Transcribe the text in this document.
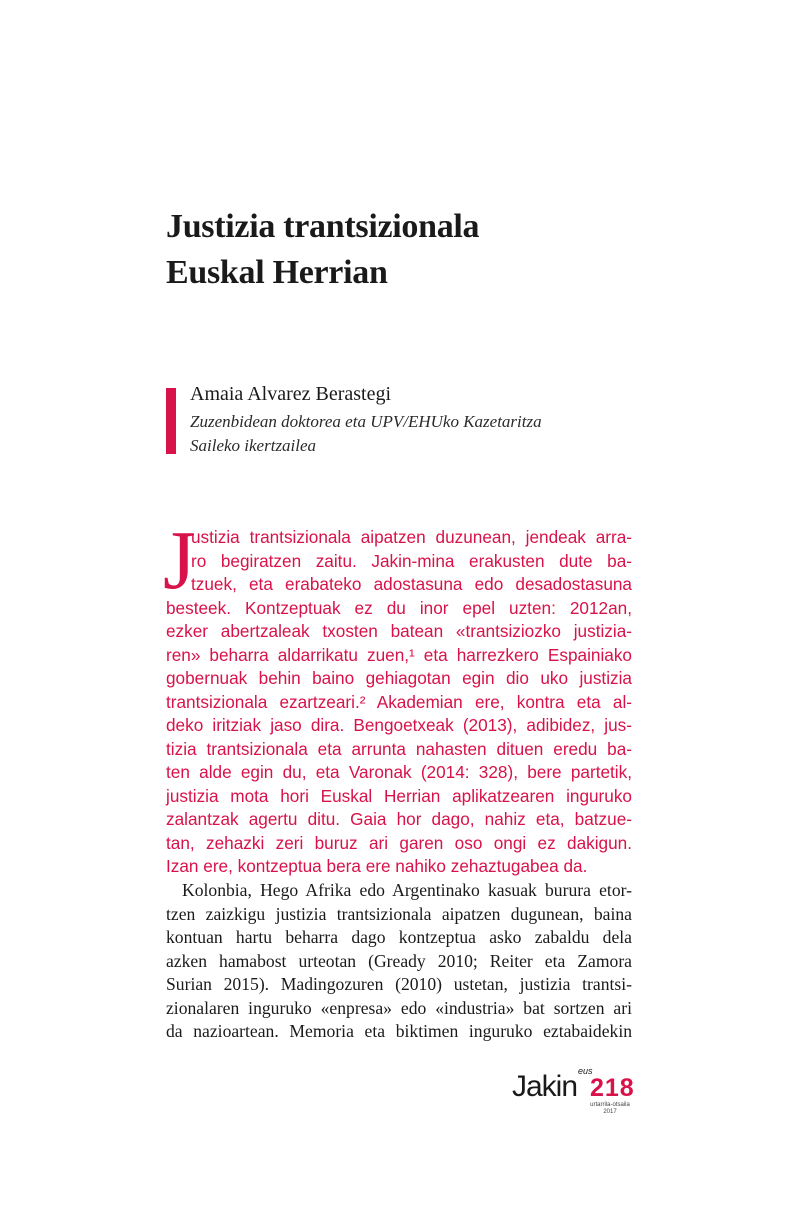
Justizia trantsizionala
Euskal Herrian
Amaia Alvarez Berastegi
Zuzenbidean doktorea eta UPV/EHUko Kazetaritza
Saileko ikertzailea
J
ustizia trantsizionala aipatzen duzunean, jendeak arra-
ro begiratzen zaitu. Jakin-mina erakusten dute ba-
tzuek, eta erabateko adostasuna edo desadostasuna
besteek. Kontzeptuak ez du inor epel uzten: 2012an,
ezker abertzaleak txosten batean «trantsiziozko justizia-
ren» beharra aldarrikatu zuen,¹ eta harrezkero Espainiako
gobernuak behin baino gehiagotan egin dio uko justizia
trantsizionala ezartzeari.² Akademian ere, kontra eta al-
deko iritziak jaso dira. Bengoetxeak (2013), adibidez, jus-
tizia trantsizionala eta arrunta nahasten dituen eredu ba-
ten alde egin du, eta Varonak (2014: 328), bere partetik,
justizia mota hori Euskal Herrian aplikatzearen inguruko
zalantzak agertu ditu. Gaia hor dago, nahiz eta, batzue-
tan, zehazki zeri buruz ari garen oso ongi ez dakigun.
Izan ere, kontzeptua bera ere nahiko zehaztugabea da.
Kolonbia, Hego Afrika edo Argentinako kasuak burura etor-
tzen zaizkigu justizia trantsizionala aipatzen dugunean, baina
kontuan hartu beharra dago kontzeptua asko zabaldu dela
azken hamabost urteotan (Gready 2010; Reiter eta Zamora
Surian 2015). Madingozuren (2010) ustetan, justizia trantsi-
zionalaren inguruko «enpresa» edo «industria» bat sortzen ari
da nazioartean. Memoria eta biktimen inguruko eztabaidekin
Jakin eus
218
urtarrila-otsaila
2017
